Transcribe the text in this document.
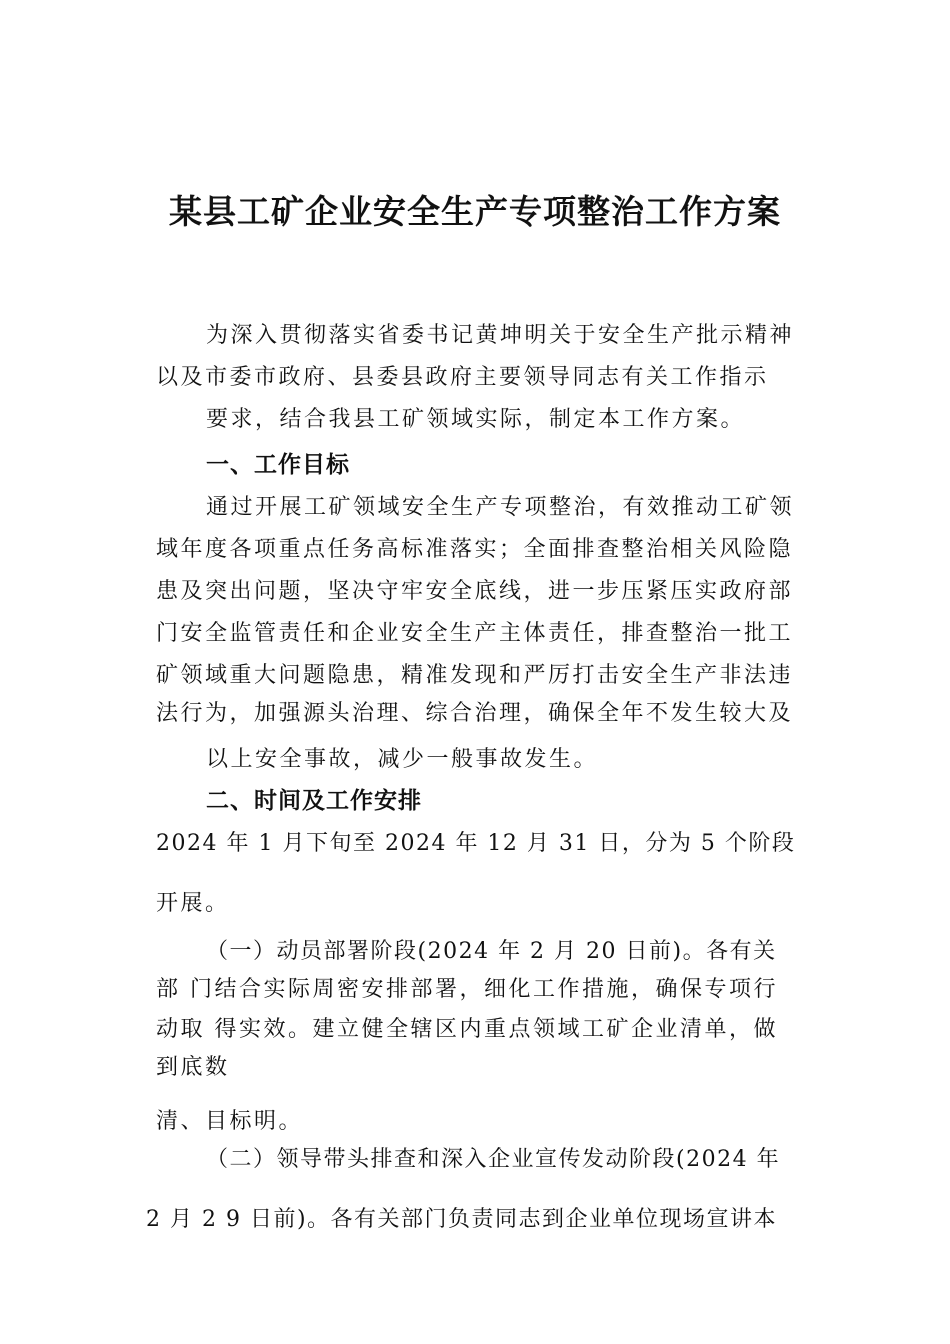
某县工矿企业安全生产专项整治工作方案
为深入贯彻落实省委书记黄坤明关于安全生产批示精神
以及市委市政府、县委县政府主要领导同志有关工作指示
要求，结合我县工矿领域实际，制定本工作方案。
一、工作目标
通过开展工矿领域安全生产专项整治，有效推动工矿领
域年度各项重点任务高标准落实；全面排查整治相关风险隐
患及突出问题，坚决守牢安全底线，进一步压紧压实政府部
门安全监管责任和企业安全生产主体责任，排查整治一批工
矿领域重大问题隐患，精准发现和严厉打击安全生产非法违
法行为，加强源头治理、综合治理，确保全年不发生较大及
以上安全事故，减少一般事故发生。
二、时间及工作安排
2024 年 1 月下旬至 2024 年 12 月 31 日，分为 5 个阶段
开展。
（一）动员部署阶段(2024 年 2 月 20 日前)。各有关
部 门结合实际周密安排部署，细化工作措施，确保专项行
动取 得实效。建立健全辖区内重点领域工矿企业清单，做
到底数
清、目标明。
（二）领导带头排查和深入企业宣传发动阶段(2024 年
2 月 2 9 日前)。各有关部门负责同志到企业单位现场宣讲本
